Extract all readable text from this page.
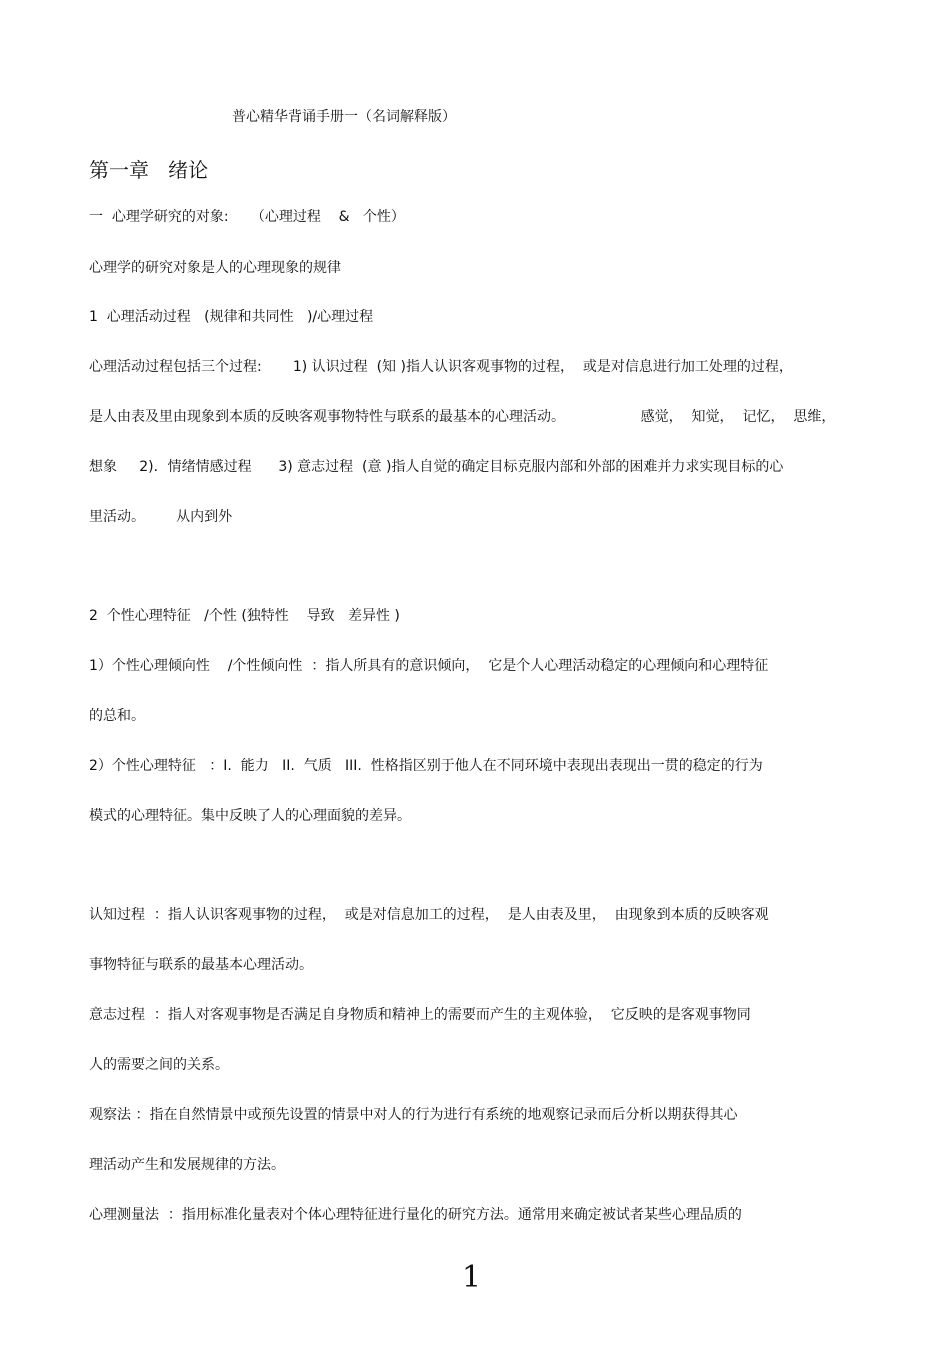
普心精华背诵手册一（名词解释版）
第一章   绪论
一  心理学研究的对象:     （心理过程    &   个性）
心理学的研究对象是人的心理现象的规律
1  心理活动过程   (规律和共同性   )/心理过程
心理活动过程包括三个过程:       1) 认识过程  (知 )指人认识客观事物的过程，  或是对信息进行加工处理的过程，
是人由表及里由现象到本质的反映客观事物特性与联系的最基本的心理活动。                 感觉，  知觉，  记忆，  思维，
想象     2)．情绪情感过程      3) 意志过程  (意 )指人自觉的确定目标克服内部和外部的困难并力求实现目标的心
里活动。       从内到外
2  个性心理特征   /个性 (独特性    导致   差异性 )
1）个性心理倾向性    /个性倾向性  ：指人所具有的意识倾向，  它是个人心理活动稳定的心理倾向和心理特征
的总和。
2）个性心理特征   ：I.  能力   II.  气质   III.  性格指区别于他人在不同环境中表现出表现出一贯的稳定的行为
模式的心理特征。集中反映了人的心理面貌的差异。
认知过程  ：指人认识客观事物的过程，  或是对信息加工的过程，  是人由表及里，  由现象到本质的反映客观
事物特征与联系的最基本心理活动。
意志过程  ：指人对客观事物是否满足自身物质和精神上的需要而产生的主观体验，  它反映的是客观事物同
人的需要之间的关系。
观察法 ：指在自然情景中或预先设置的情景中对人的行为进行有系统的地观察记录而后分析以期获得其心
理活动产生和发展规律的方法。
心理测量法  ：指用标准化量表对个体心理特征进行量化的研究方法。通常用来确定被试者某些心理品质的
1
